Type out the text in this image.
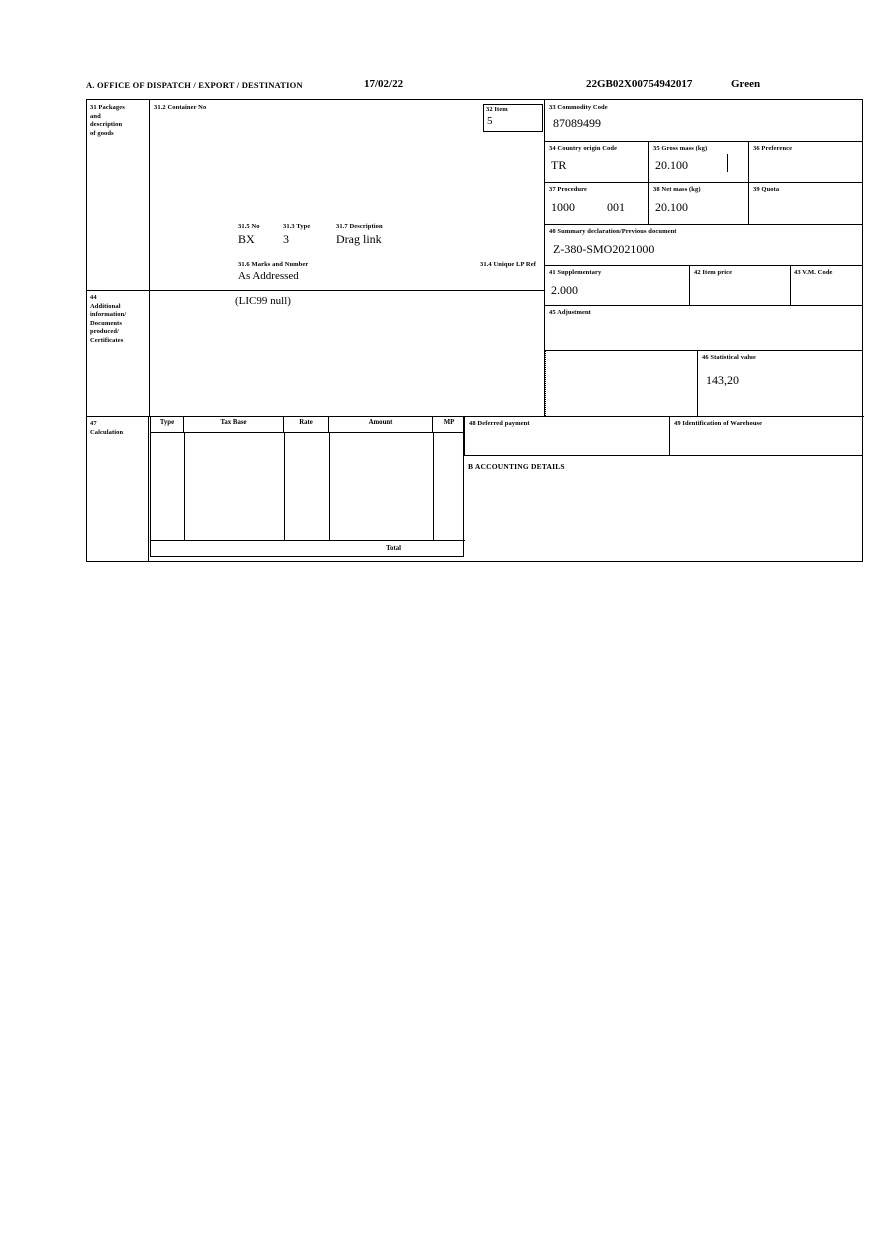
A. OFFICE OF DISPATCH / EXPORT / DESTINATION	17/02/22	22GB02X00754942017	Green
31 Packages
and
description
of goods
31.2 Container No
31.5 No	31.3 Type	31.7 Description
BX 3	Drag link
31.6 Marks and Number	31.4 Unique LP Ref
As Addressed
32 Item
5
33 Commodity Code
87089499
34 Country origin Code
TR
35 Gross mass (kg)
20.100
36 Preference
37 Procedure
1000	001
38 Net mass (kg)
20.100
39 Quota
40 Summary declaration/Previous document
Z-380-SMO2021000
41 Supplementary
2.000
42 Item price	43 V.M. Code
45 Adjustment
46 Statistical value
143,20
44
Additional
information/
Documents
produced/
Certificates
(LIC99 null)
47
Calculation
Type	Tax Base	Rate	Amount	MP
Total
48 Deferred payment	49 Identification of Warehouse
B ACCOUNTING DETAILS
